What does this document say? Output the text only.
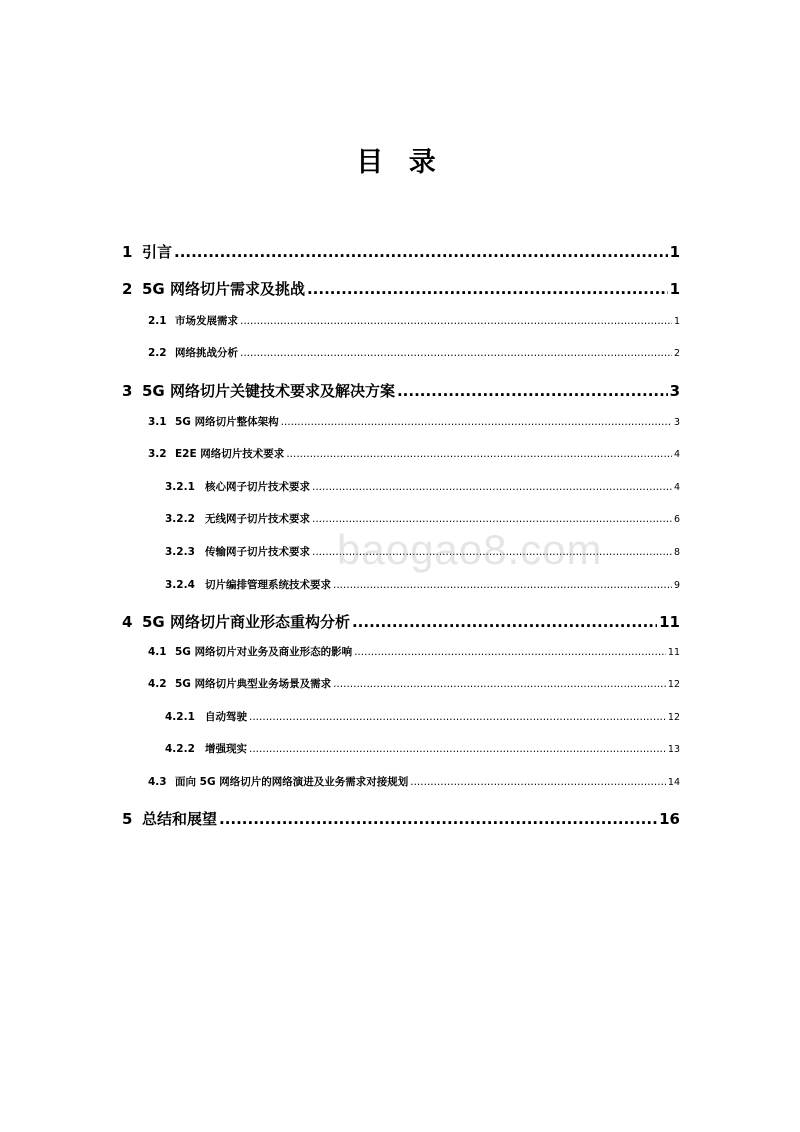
目 录
1 引言 .....	1
2 5G 网络切片需求及挑战 .....	1
2.1 市场发展需求 .....	1
2.2 网络挑战分析 .....	2
3 5G 网络切片关键技术要求及解决方案 .....	3
3.1 5G 网络切片整体架构 .....	3
3.2 E2E 网络切片技术要求 .....	4
3.2.1 核心网子切片技术要求 .....	4
3.2.2 无线网子切片技术要求 .....	6
3.2.3 传输网子切片技术要求 .....	8
3.2.4 切片编排管理系统技术要求 .....	9
4 5G 网络切片商业形态重构分析 .....	11
4.1 5G 网络切片对业务及商业形态的影响 .....	11
4.2 5G 网络切片典型业务场景及需求 .....	12
4.2.1 自动驾驶 .....	12
4.2.2 增强现实 .....	13
4.3 面向 5G 网络切片的网络演进及业务需求对接规划 .....	14
5 总结和展望 .....	16
baogao8.com
